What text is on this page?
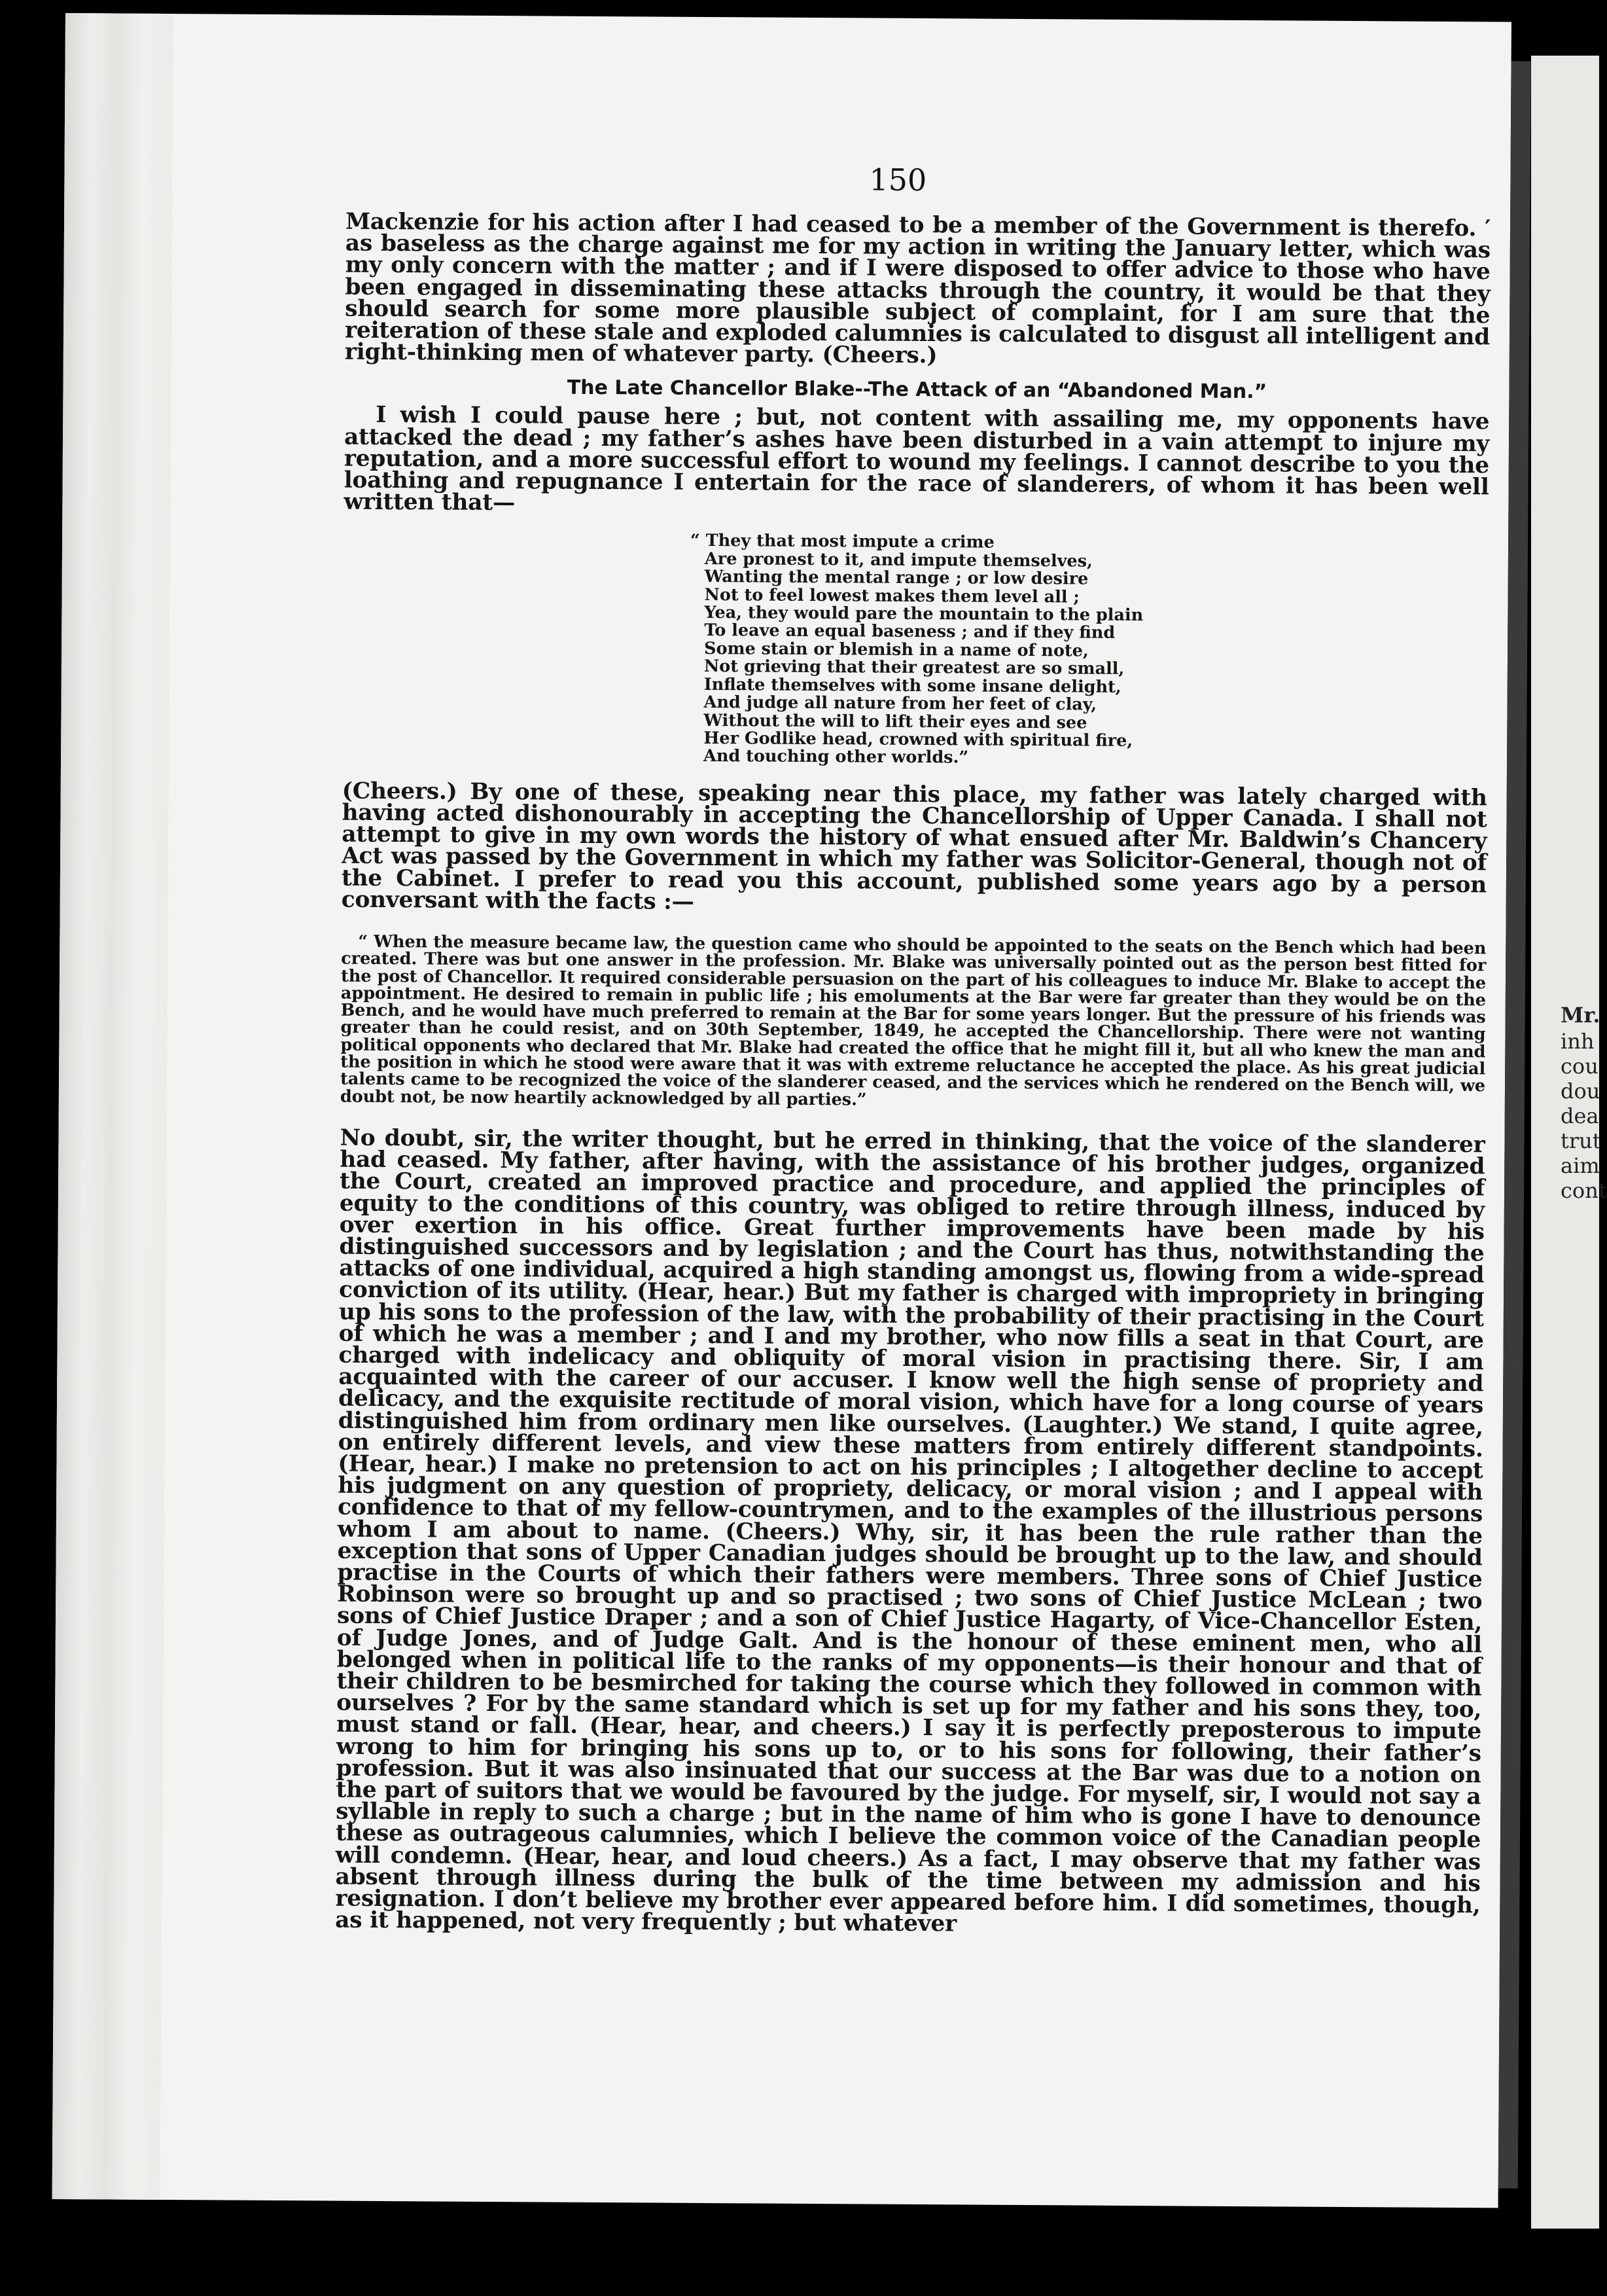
150

Mackenzie for his action after I had ceased to be a member of the Government is therefo. ′ as baseless as the charge against me for my action in writing the January letter, which was my only concern with the matter ; and if I were disposed to offer advice to those who have been engaged in disseminating these attacks through the country, it would be that they should search for some more plausible subject of complaint, for I am sure that the reiteration of these stale and exploded calumnies is calculated to disgust all intelligent and right-thinking men of whatever party. (Cheers.)

The Late Chancellor Blake--The Attack of an “Abandoned Man.”

I wish I could pause here ; but, not content with assailing me, my opponents have attacked the dead ; my father’s ashes have been disturbed in a vain attempt to injure my reputation, and a more successful effort to wound my feelings. I cannot describe to you the loathing and repugnance I entertain for the race of slanderers, of whom it has been well written that—

“ They that most impute a crime
Are pronest to it, and impute themselves,
Wanting the mental range ; or low desire
Not to feel lowest makes them level all ;
Yea, they would pare the mountain to the plain
To leave an equal baseness ; and if they find
Some stain or blemish in a name of note,
Not grieving that their greatest are so small,
Inflate themselves with some insane delight,
And judge all nature from her feet of clay,
Without the will to lift their eyes and see
Her Godlike head, crowned with spiritual fire,
And touching other worlds.”

(Cheers.) By one of these, speaking near this place, my father was lately charged with having acted dishonourably in accepting the Chancellorship of Upper Canada. I shall not attempt to give in my own words the history of what ensued after Mr. Baldwin’s Chancery Act was passed by the Government in which my father was Solicitor-General, though not of the Cabinet. I prefer to read you this account, published some years ago by a person conversant with the facts :—

“ When the measure became law, the question came who should be appointed to the seats on the Bench which had been created. There was but one answer in the profession. Mr. Blake was universally pointed out as the person best fitted for the post of Chancellor. It required considerable persuasion on the part of his colleagues to induce Mr. Blake to accept the appointment. He desired to remain in public life ; his emoluments at the Bar were far greater than they would be on the Bench, and he would have much preferred to remain at the Bar for some years longer. But the pressure of his friends was greater than he could resist, and on 30th September, 1849, he accepted the Chancellorship. There were not wanting political opponents who declared that Mr. Blake had created the office that he might fill it, but all who knew the man and the position in which he stood were aware that it was with extreme reluctance he accepted the place. As his great judicial talents came to be recognized the voice of the slanderer ceased, and the services which he rendered on the Bench will, we doubt not, be now heartily acknowledged by all parties.”

No doubt, sir, the writer thought, but he erred in thinking, that the voice of the slanderer had ceased. My father, after having, with the assistance of his brother judges, organized the Court, created an improved practice and procedure, and applied the principles of equity to the conditions of this country, was obliged to retire through illness, induced by over exertion in his office. Great further improvements have been made by his distinguished successors and by legislation ; and the Court has thus, notwithstanding the attacks of one individual, acquired a high standing amongst us, flowing from a wide-spread conviction of its utility. (Hear, hear.) But my father is charged with impropriety in bringing up his sons to the profession of the law, with the probability of their practising in the Court of which he was a member ; and I and my brother, who now fills a seat in that Court, are charged with indelicacy and obliquity of moral vision in practising there. Sir, I am acquainted with the career of our accuser. I know well the high sense of propriety and delicacy, and the exquisite rectitude of moral vision, which have for a long course of years distinguished him from ordinary men like ourselves. (Laughter.) We stand, I quite agree, on entirely different levels, and view these matters from entirely different standpoints. (Hear, hear.) I make no pretension to act on his principles ; I altogether decline to accept his judgment on any question of propriety, delicacy, or moral vision ; and I appeal with confidence to that of my fellow-countrymen, and to the examples of the illustrious persons whom I am about to name. (Cheers.) Why, sir, it has been the rule rather than the exception that sons of Upper Canadian judges should be brought up to the law, and should practise in the Courts of which their fathers were members. Three sons of Chief Justice Robinson were so brought up and so practised ; two sons of Chief Justice McLean ; two sons of Chief Justice Draper ; and a son of Chief Justice Hagarty, of Vice-Chancellor Esten, of Judge Jones, and of Judge Galt. And is the honour of these eminent men, who all belonged when in political life to the ranks of my opponents—is their honour and that of their children to be besmirched for taking the course which they followed in common with ourselves ? For by the same standard which is set up for my father and his sons they, too, must stand or fall. (Hear, hear, and cheers.) I say it is perfectly preposterous to impute wrong to him for bringing his sons up to, or to his sons for following, their father’s profession. But it was also insinuated that our success at the Bar was due to a notion on the part of suitors that we would be favoured by the judge. For myself, sir, I would not say a syllable in reply to such a charge ; but in the name of him who is gone I have to denounce these as outrageous calumnies, which I believe the common voice of the Canadian people will condemn. (Hear, hear, and loud cheers.) As a fact, I may observe that my father was absent through illness during the bulk of the time between my admission and his resignation. I don’t believe my brother ever appeared before him. I did sometimes, though, as it happened, not very frequently ; but whatever

Mr.
inh
cou
dou
dea
trut
aim
cont
